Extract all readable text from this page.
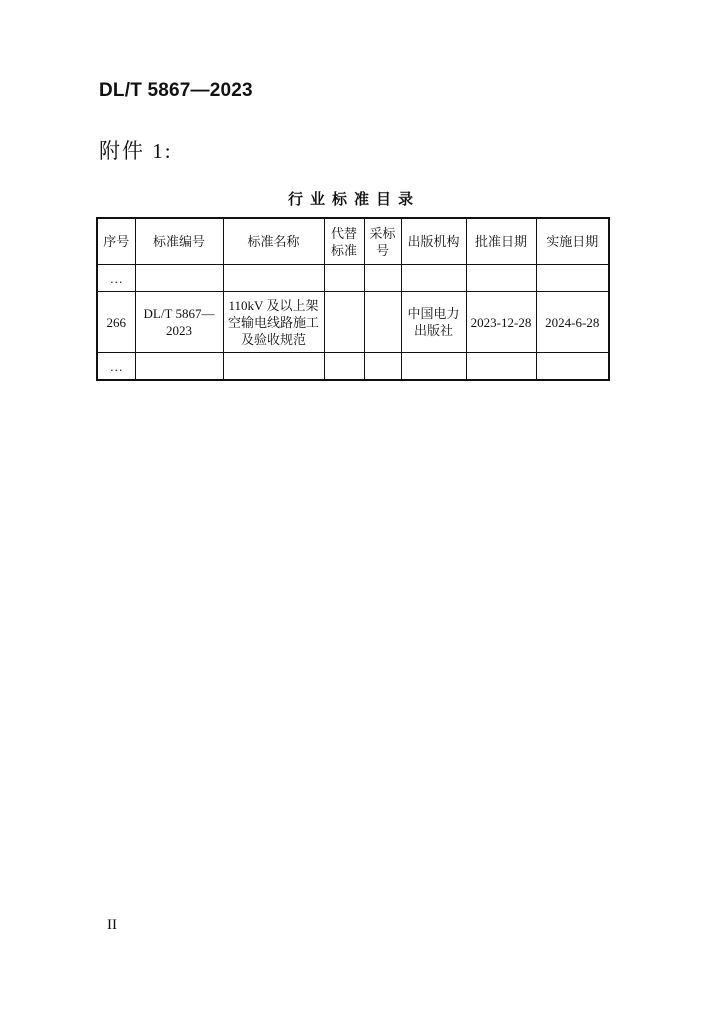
DL/T 5867—2023
附件 1:
行业标准目录
序号	标准编号	标准名称	代替标准	采标号	出版机构	批准日期	实施日期
…							
266	DL/T 5867—2023	110kV 及以上架空输电线路施工及验收规范			中国电力出版社	2023-12-28	2024-6-28
…							
II
